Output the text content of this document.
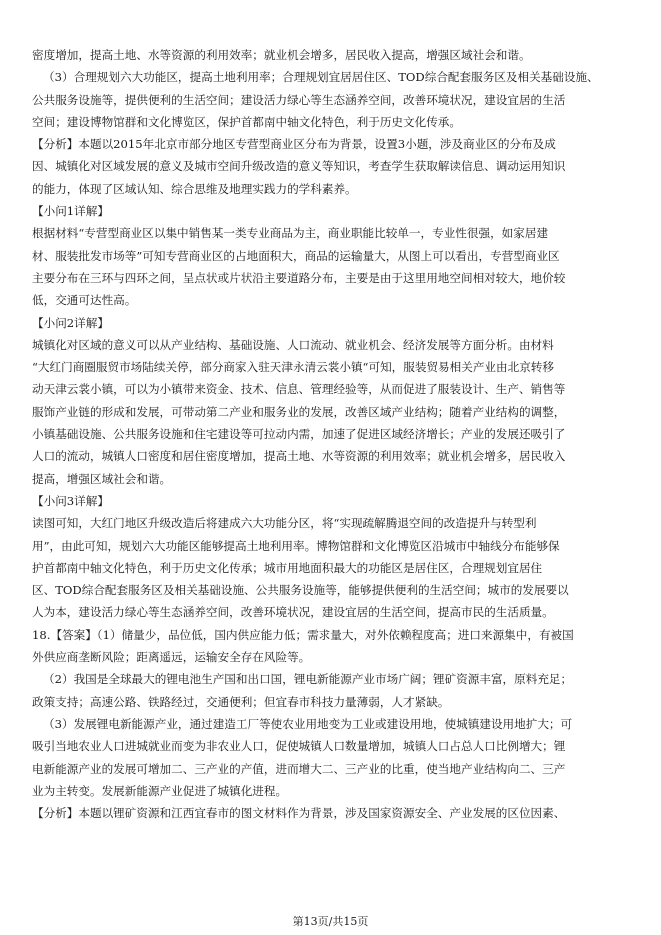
密度增加，提高土地、水等资源的利用效率；就业机会增多，居民收入提高，增强区域社会和谐。
（3）合理规划六大功能区，提高土地利用率；合理规划宜居居住区、TOD综合配套服务区及相关基础设施、
公共服务设施等，提供便利的生活空间；建设活力绿心等生态涵养空间，改善环境状况，建设宜居的生活
空间；建设博物馆群和文化博览区，保护首都南中轴文化特色，利于历史文化传承。
【分析】本题以2015年北京市部分地区专营型商业区分布为背景，设置3小题，涉及商业区的分布及成
因、城镇化对区域发展的意义及城市空间升级改造的意义等知识，考查学生获取解读信息、调动运用知识
的能力，体现了区域认知、综合思维及地理实践力的学科素养。
【小问1详解】
根据材料“专营型商业区以集中销售某一类专业商品为主，商业职能比较单一，专业性很强，如家居建
材、服装批发市场等”可知专营商业区的占地面积大，商品的运输量大，从图上可以看出，专营型商业区
主要分布在三环与四环之间，呈点状或片状沿主要道路分布，主要是由于这里用地空间相对较大，地价较
低，交通可达性高。
【小问2详解】
城镇化对区域的意义可以从产业结构、基础设施、人口流动、就业机会、经济发展等方面分析。由材料
“大红门商圈服贸市场陆续关停，部分商家入驻天津永清云裳小镇“可知，服装贸易相关产业由北京转移
动天津云裳小镇，可以为小镇带来资金、技术、信息、管理经验等，从而促进了服装设计、生产、销售等
服饰产业链的形成和发展，可带动第二产业和服务业的发展，改善区域产业结构；随着产业结构的调整，
小镇基础设施、公共服务设施和住宅建设等可拉动内需，加速了促进区域经济增长；产业的发展还吸引了
人口的流动，城镇人口密度和居住密度增加，提高土地、水等资源的利用效率；就业机会增多，居民收入
提高，增强区域社会和谐。
【小问3详解】
读图可知，大红门地区升级改造后将建成六大功能分区，将“实现疏解腾退空间的改造提升与转型利
用”，由此可知，规划六大功能区能够提高土地利用率。博物馆群和文化博览区沿城市中轴线分布能够保
护首都南中轴文化特色，利于历史文化传承；城市用地面积最大的功能区是居住区，合理规划宜居住
区、TOD综合配套服务区及相关基础设施、公共服务设施等，能够提供便利的生活空间；城市的发展要以
人为本，建设活力绿心等生态涵养空间，改善环境状况，建设宜居的生活空间，提高市民的生活质量。
18.【答案】（1）储量少，品位低，国内供应能力低；需求量大，对外依赖程度高；进口来源集中，有被国
外供应商垄断风险；距离遥远，运输安全存在风险等。
（2）我国是全球最大的锂电池生产国和出口国，锂电新能源产业市场广阔；锂矿资源丰富，原料充足；
政策支持；高速公路、铁路经过，交通便利；但宜春市科技力量薄弱，人才紧缺。
（3）发展锂电新能源产业，通过建造工厂等使农业用地变为工业或建设用地，使城镇建设用地扩大；可
吸引当地农业人口进城就业而变为非农业人口，促使城镇人口数量增加，城镇人口占总人口比例增大；锂
电新能源产业的发展可增加二、三产业的产值，进而增大二、三产业的比重，使当地产业结构向二、三产
业为主转变。发展新能源产业促进了城镇化进程。
【分析】本题以锂矿资源和江西宜春市的图文材料作为背景，涉及国家资源安全、产业发展的区位因素、
第13页/共15页
